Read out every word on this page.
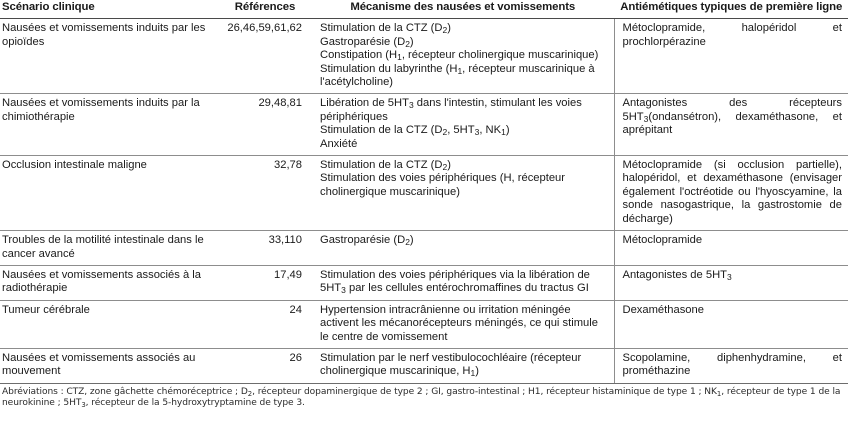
Scénario clinique	Références	Mécanisme des nausées et vomissements	Antiémétiques typiques de première ligne
Nausées et vomissements induits par les opioïdes	26,46,59,61,62	Stimulation de la CTZ $(D_2)$
Gastroparésie $(D_2)$
Constipation ($H_1$, récepteur cholinergique muscarinique)
Stimulation du labyrinthe ($H_1$, récepteur muscarinique à l'acétylcholine)	Métoclopramide, halopéridol et prochlorpérazine
Nausées et vomissements induits par la chimiothérapie	29,48,81	Libération de $5HT_3$ dans l'intestin, stimulant les voies périphériques
Stimulation de la CTZ ($D_2$, $5HT_3$, $NK_1$)
Anxiété	Antagonistes des récepteurs $5HT_3(ondansétron)$, dexaméthasone, et aprépitant
Occlusion intestinale maligne	32,78	Stimulation de la CTZ $(D_2)$
Stimulation des voies périphériques (H, récepteur cholinergique muscarinique)	Métoclopramide (si occlusion partielle), halopéridol, et dexaméthasone (envisager également l'octréotide ou l'hyoscyamine, la sonde nasogastrique, la gastrostomie de décharge)
Troubles de la motilité intestinale dans le cancer avancé	33,110	Gastroparésie $(D_2)$	Métoclopramide
Nausées et vomissements associés à la radiothérapie	17,49	Stimulation des voies périphériques via la libération de $5HT_3$ par les cellules entérochromaffines du tractus GI	Antagonistes de $5HT_3$
Tumeur cérébrale	24	Hypertension intracrânienne ou irritation méningée activent les mécanorécepteurs méningés, ce qui stimule le centre de vomissement	Dexaméthasone
Nausées et vomissements associés au mouvement	26	Stimulation par le nerf vestibulocochléaire (récepteur cholinergique muscarinique, $H_1$)	Scopolamine, diphenhydramine, et prométhazine
Abréviations : CTZ, zone gâchette chémoréceptrice ; $D_2$, récepteur dopaminergique de type 2 ; GI, gastro-intestinal ; H1, récepteur histaminique de type 1 ; $NK_1$, récepteur de type 1 de la neurokinine ; $5HT_3$, récepteur de la 5-hydroxytryptamine de type 3.
